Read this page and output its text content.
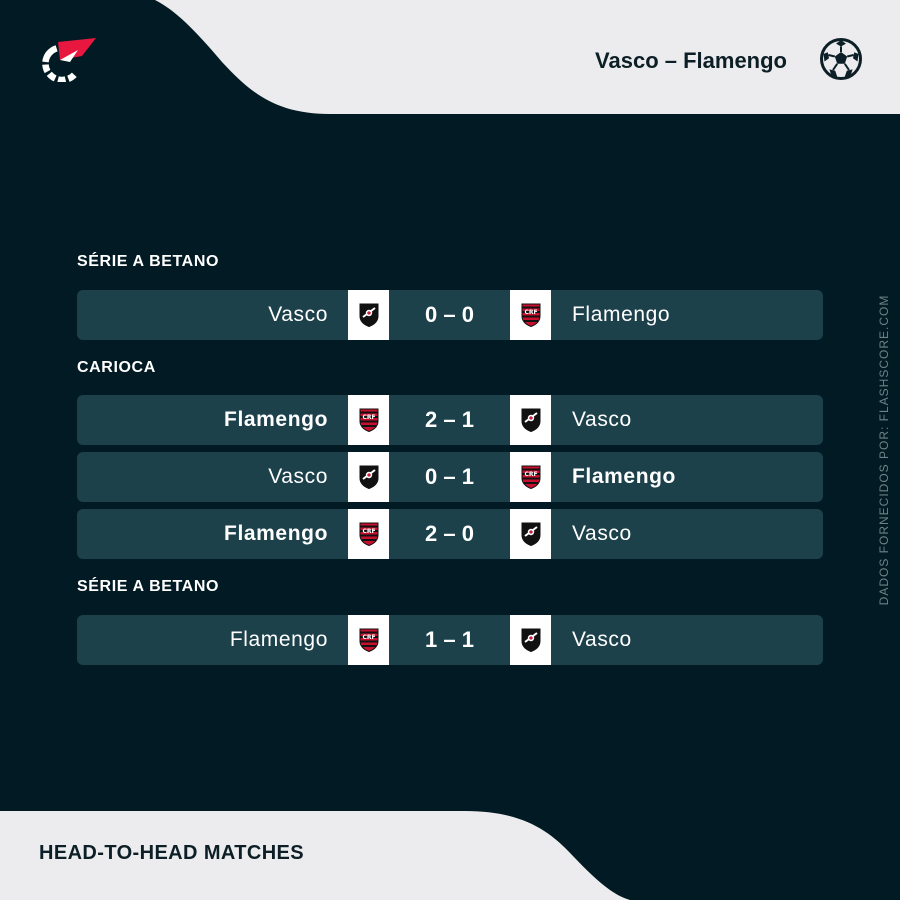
Vasco – Flamengo
SÉRIE A BETANO
CARIOCA
SÉRIE A BETANO
Vasco	0 – 0	CRF Flamengo
Flamengo	CRF	2 – 1	Vasco
Vasco	0 – 1	CRF Flamengo
Flamengo	CRF	2 – 0	Vasco
Flamengo	CRF	1 – 1	Vasco
DADOS FORNECIDOS POR: FLASHSCORE.COM
HEAD-TO-HEAD MATCHES
